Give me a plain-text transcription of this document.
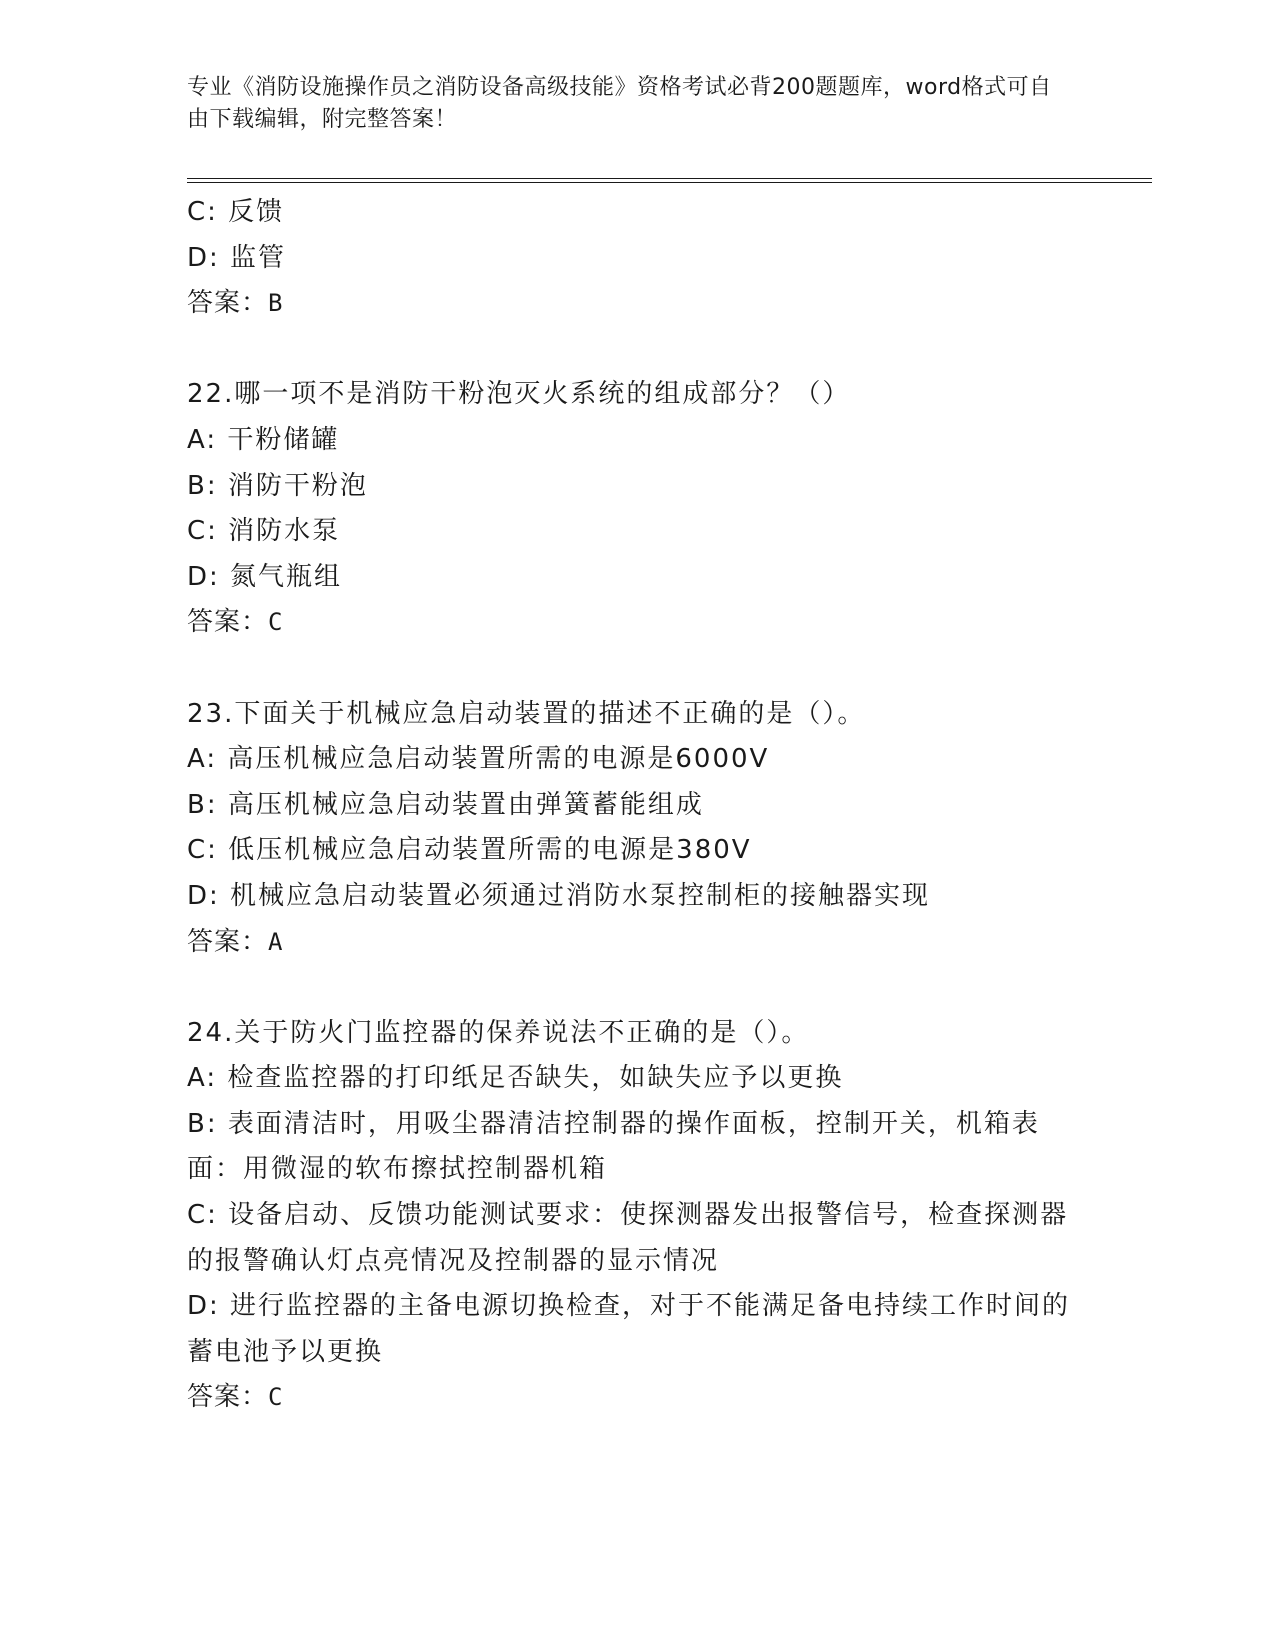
专业《消防设施操作员之消防设备高级技能》资格考试必背200题题库，word格式可自由下载编辑，附完整答案！

C: 反馈

D: 监管

答案：B

22.哪一项不是消防干粉泡灭火系统的组成部分？（）

A: 干粉储罐

B: 消防干粉泡

C: 消防水泵

D: 氮气瓶组

答案：C

23.下面关于机械应急启动装置的描述不正确的是（）。

A: 高压机械应急启动装置所需的电源是6000V

B: 高压机械应急启动装置由弹簧蓄能组成

C: 低压机械应急启动装置所需的电源是380V

D: 机械应急启动装置必须通过消防水泵控制柜的接触器实现

答案：A

24.关于防火门监控器的保养说法不正确的是（）。

A: 检查监控器的打印纸足否缺失，如缺失应予以更换

B: 表面清洁时，用吸尘器清洁控制器的操作面板，控制开关，机箱表面：用微湿的软布擦拭控制器机箱

C: 设备启动、反馈功能测试要求：使探测器发出报警信号，检查探测器的报警确认灯点亮情况及控制器的显示情况

D: 进行监控器的主备电源切换检查，对于不能满足备电持续工作时间的蓄电池予以更换

答案：C
